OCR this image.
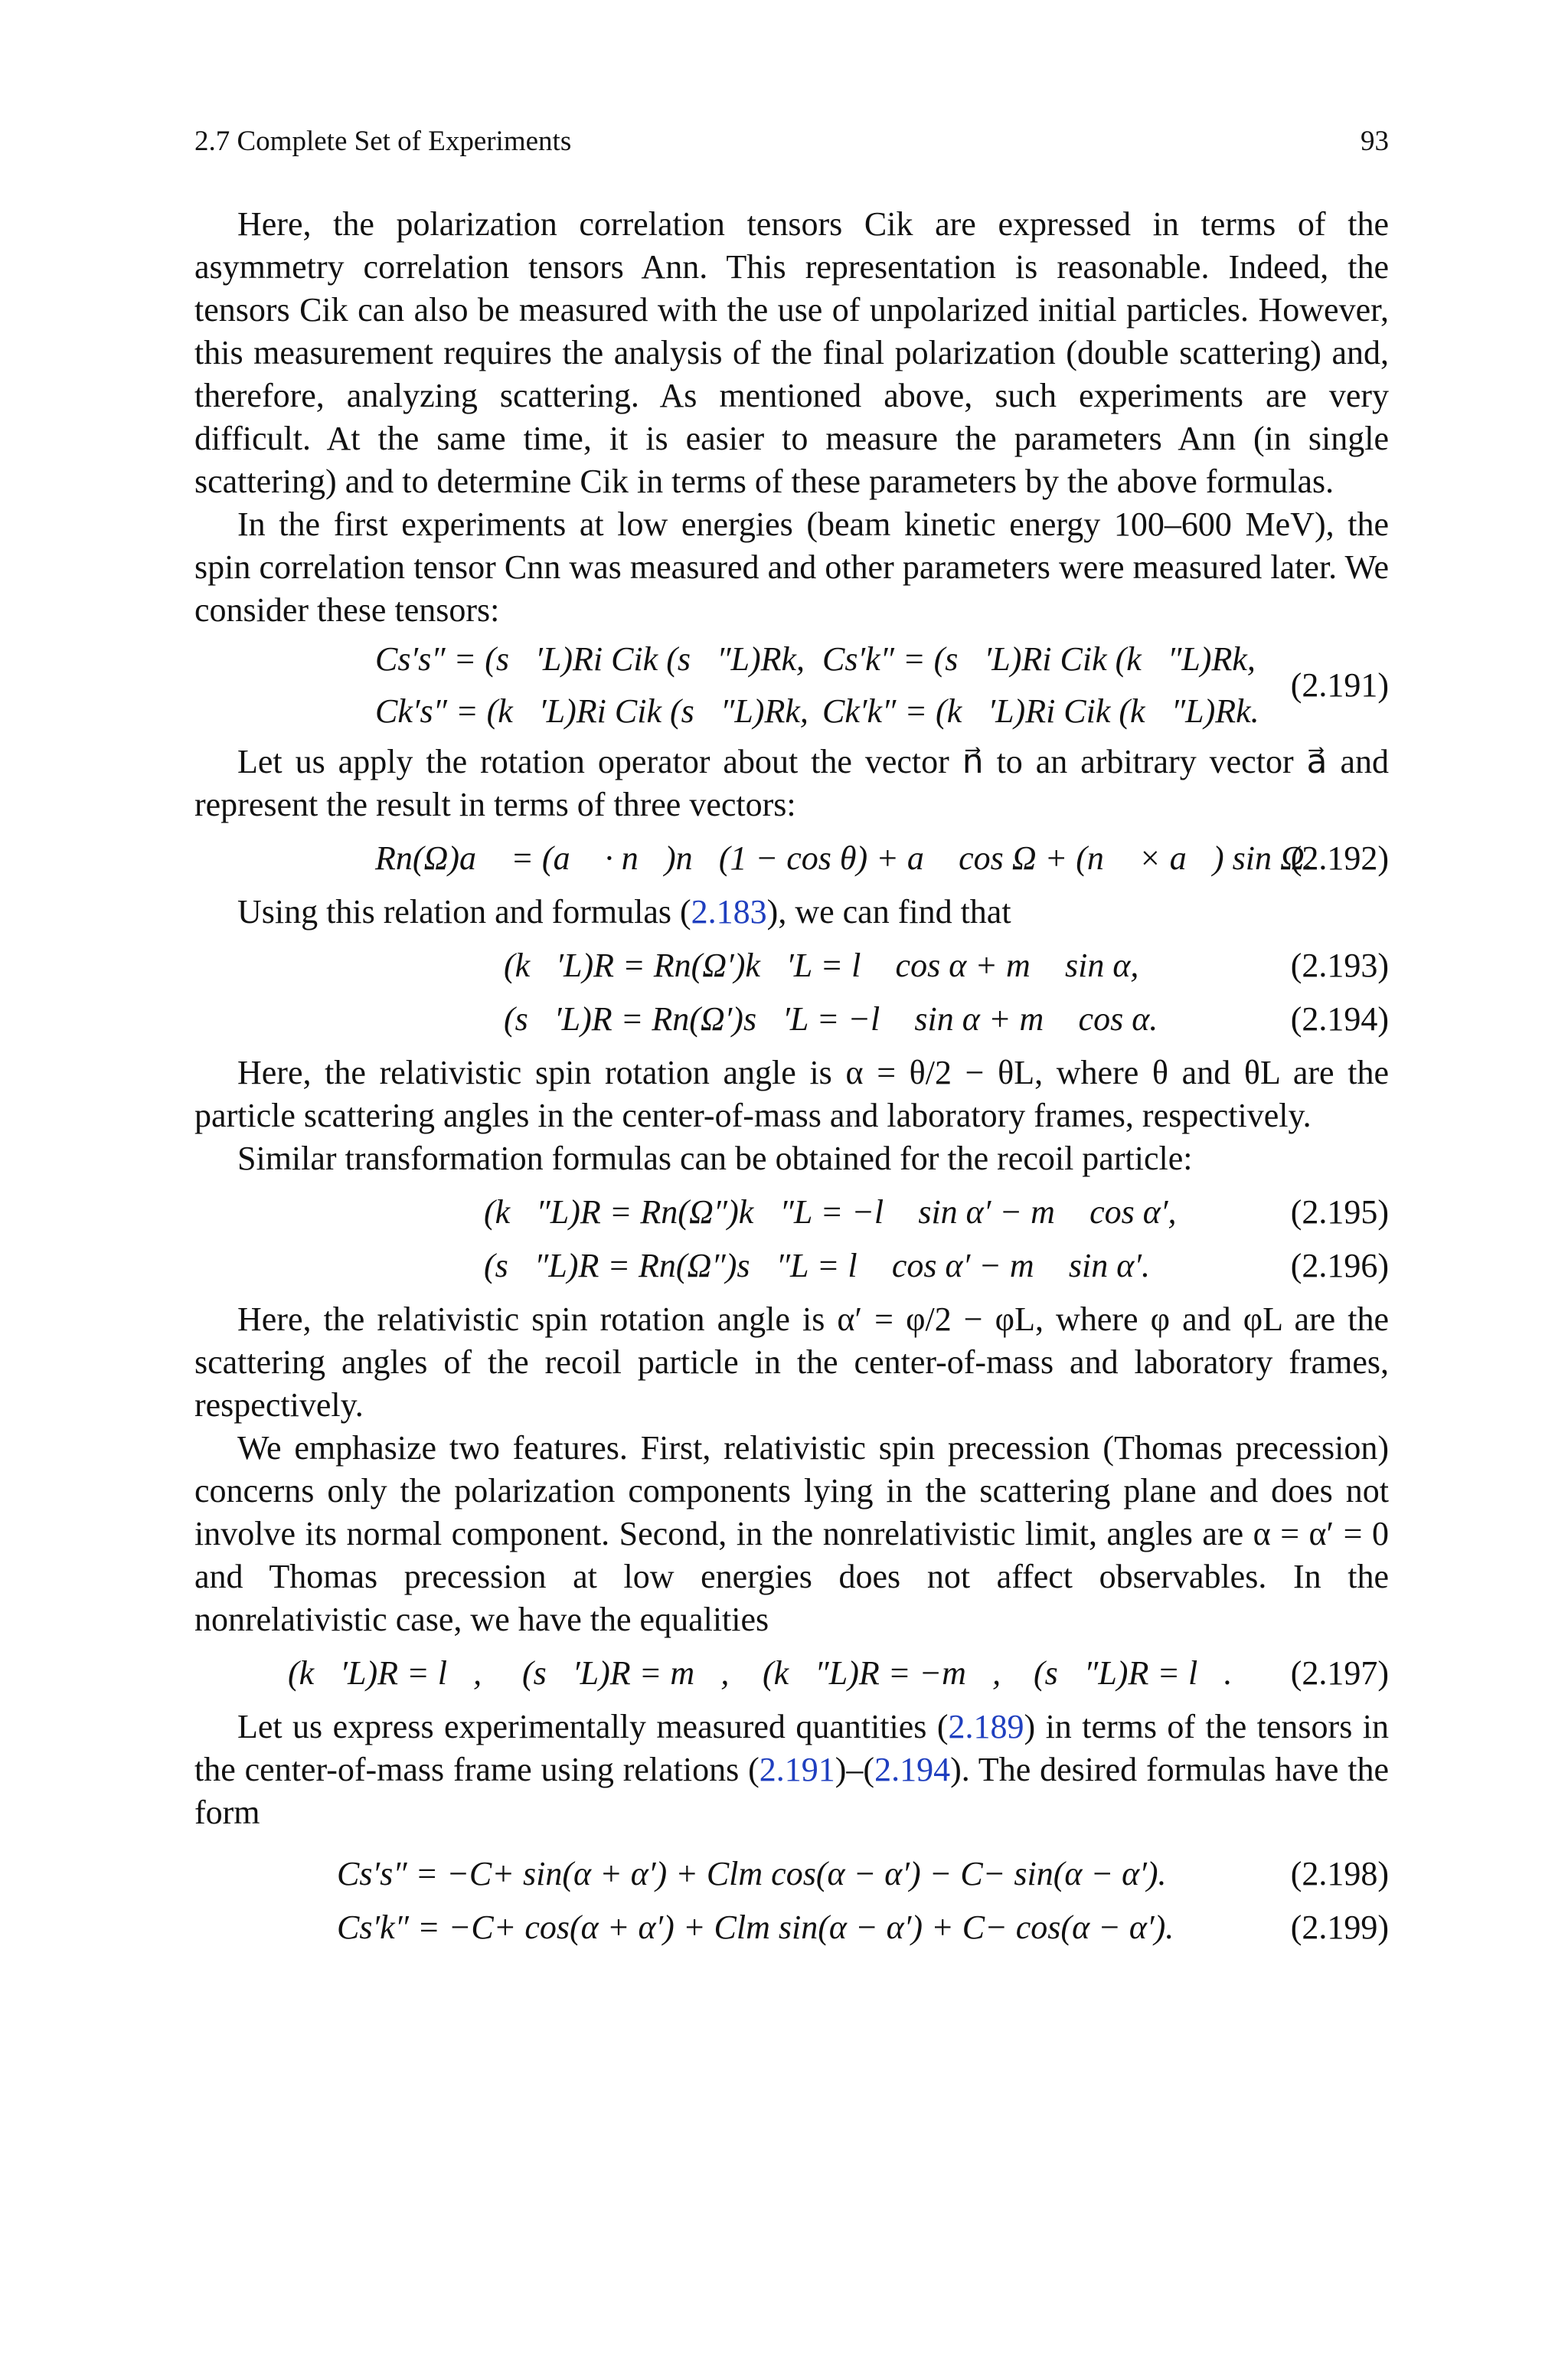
2.7 Complete Set of Experiments	93

Here, the polarization correlation tensors Cik are expressed in terms of the asymmetry correlation tensors Ann. This representation is reasonable. Indeed, the tensors Cik can also be measured with the use of unpolarized initial particles. However, this measurement requires the analysis of the final polarization (double scattering) and, therefore, analyzing scattering. As mentioned above, such experiments are very difficult. At the same time, it is easier to measure the parameters Ann (in single scattering) and to determine Cik in terms of these parameters by the above formulas.

In the first experiments at low energies (beam kinetic energy 100–600 MeV), the spin correlation tensor Cnn was measured and other parameters were measured later. We consider these tensors:

Cs′s″ = (s⃗′L)Ri Cik (s⃗″L)Rk, Cs′k″ = (s⃗′L)Ri Cik (k⃗″L)Rk,
Ck′s″ = (k⃗′L)Ri Cik (s⃗″L)Rk, Ck′k″ = (k⃗′L)Ri Cik (k⃗″L)Rk.
(2.191)

Let us apply the rotation operator about the vector n⃗ to an arbitrary vector a⃗ and represent the result in terms of three vectors:

Rn(Ω)a⃗ = (a⃗ · n⃗)n⃗(1 − cos θ) + a⃗ cos Ω + (n⃗ × a⃗) sin Ω.
(2.192)

Using this relation and formulas (2.183), we can find that

(k⃗′L)R = Rn(Ω′)k⃗′L = l⃗ cos α + m⃗ sin α,	(2.193)
(s⃗′L)R = Rn(Ω′)s⃗′L = −l⃗ sin α + m⃗ cos α.	(2.194)

Here, the relativistic spin rotation angle is α = θ/2 − θL, where θ and θL are the particle scattering angles in the center-of-mass and laboratory frames, respectively.

Similar transformation formulas can be obtained for the recoil particle:

(k⃗″L)R = Rn(Ω″)k⃗″L = −l⃗ sin α′ − m⃗ cos α′,	(2.195)
(s⃗″L)R = Rn(Ω″)s⃗″L = l⃗ cos α′ − m⃗ sin α′.	(2.196)

Here, the relativistic spin rotation angle is α′ = φ/2 − φL, where φ and φL are the scattering angles of the recoil particle in the center-of-mass and laboratory frames, respectively.

We emphasize two features. First, relativistic spin precession (Thomas precession) concerns only the polarization components lying in the scattering plane and does not involve its normal component. Second, in the nonrelativistic limit, angles are α = α′ = 0 and Thomas precession at low energies does not affect observables. In the nonrelativistic case, we have the equalities

(k⃗′L)R = l⃗, (s⃗′L)R = m⃗, (k⃗″L)R = −m⃖, (s⃗″L)R = l⃗. (2.197)

Let us express experimentally measured quantities (2.189) in terms of the tensors in the center-of-mass frame using relations (2.191)–(2.194). The desired formulas have the form

Cs′s″ = −C+ sin(α + α′) + Clm cos(α − α′) − C− sin(α − α′).	(2.198)
Cs′k″ = −C+ cos(α + α′) + Clm sin(α − α′) + C− cos(α − α′).	(2.199)
